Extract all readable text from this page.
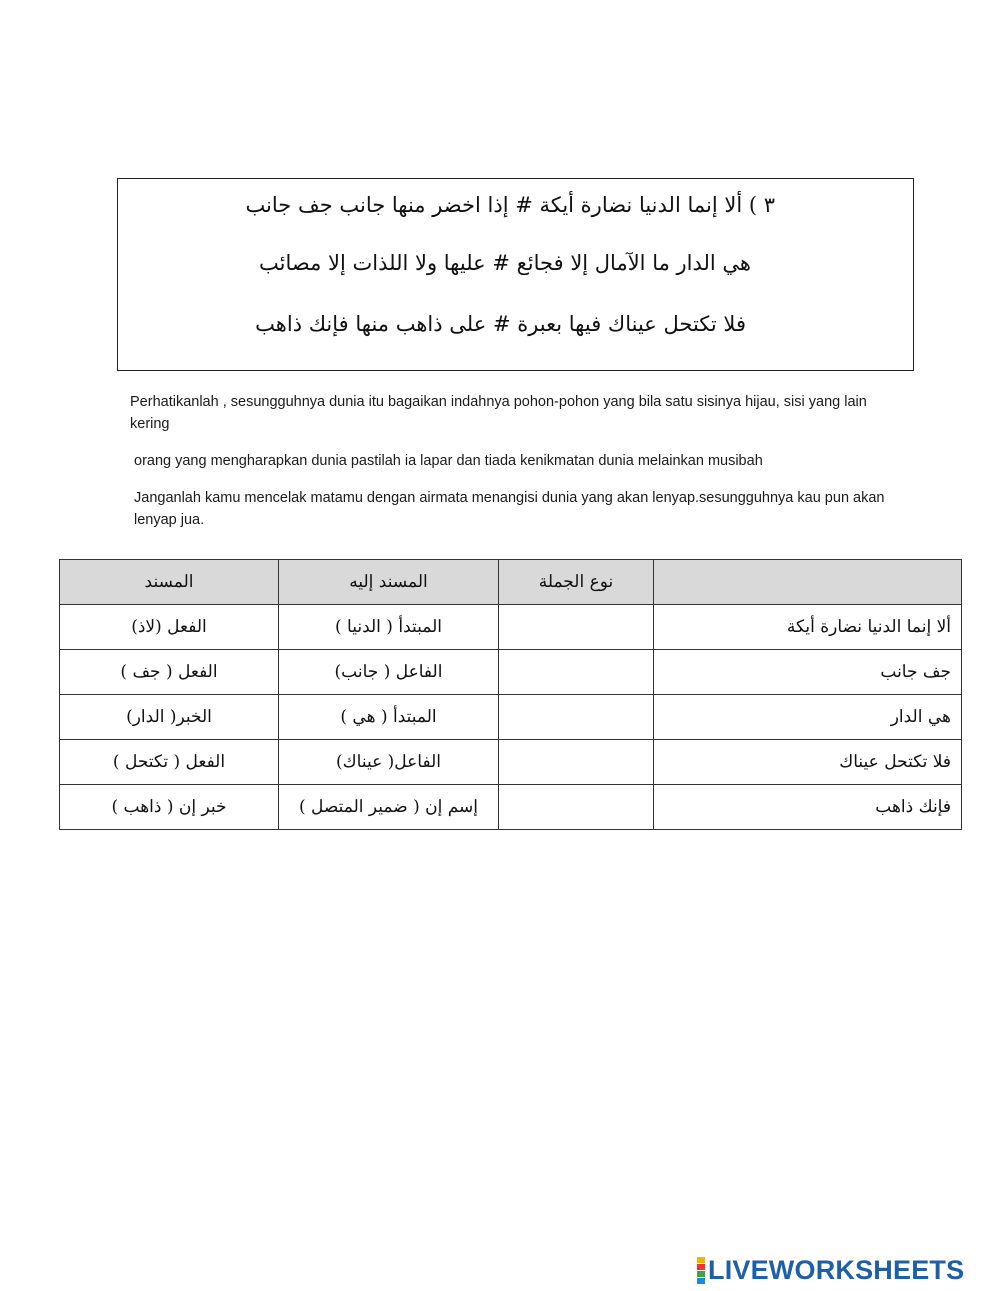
٣ ) ألا إنما الدنيا نضارة أيكة # إذا اخضر منها جانب جف جانب
هي الدار ما الآمال إلا فجائع # عليها ولا اللذات إلا مصائب
فلا تكتحل عيناك فيها بعبرة # على ذاهب منها فإنك ذاهب
Perhatikanlah , sesungguhnya dunia itu bagaikan indahnya pohon-pohon yang bila satu sisinya hijau, sisi yang lain kering
orang yang mengharapkan dunia pastilah ia lapar dan tiada kenikmatan dunia melainkan musibah
Janganlah kamu mencelak matamu dengan airmata menangisi dunia yang akan lenyap.sesungguhnya kau pun akan lenyap jua.
المسند	المسند إليه	نوع الجملة	
الفعل (لاذ)	المبتدأ ( الدنيا )		ألا إنما الدنيا نضارة أيكة
الفعل ( جف )	الفاعل ( جانب)		جف جانب
الخبر( الدار)	المبتدأ ( هي )		هي الدار
الفعل ( تكتحل )	الفاعل( عيناك)		فلا تكتحل عيناك
خبر إن ( ذاهب )	إسم إن ( ضمير المتصل )		فإنك ذاهب
LIVEWORKSHEETS
